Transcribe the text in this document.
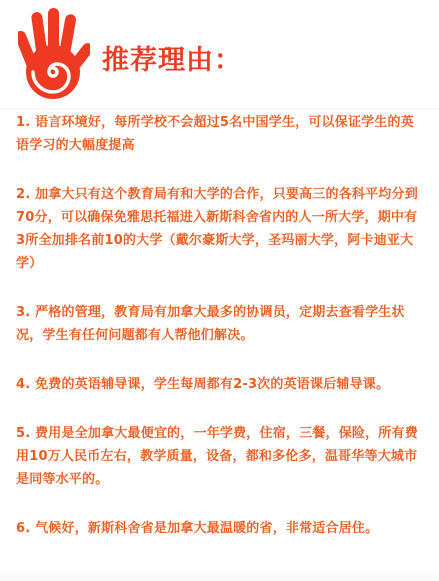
推荐理由：
1. 语言环境好，每所学校不会超过5名中国学生，可以保证学生的英语学习的大幅度提高
2. 加拿大只有这个教育局有和大学的合作，只要高三的各科平均分到70分，可以确保免雅思托福进入新斯科舍省内的人一所大学，期中有3所全加排名前10的大学（戴尔豪斯大学，圣玛丽大学，阿卡迪亚大学）
3. 严格的管理，教育局有加拿大最多的协调员，定期去查看学生状况，学生有任何问题都有人帮他们解决。
4. 免费的英语辅导课，学生每周都有2-3次的英语课后辅导课。
5. 费用是全加拿大最便宜的，一年学费，住宿，三餐，保险，所有费用10万人民币左右，教学质量，设备，都和多伦多，温哥华等大城市是同等水平的。
6. 气候好，新斯科舍省是加拿大最温暖的省，非常适合居住。
